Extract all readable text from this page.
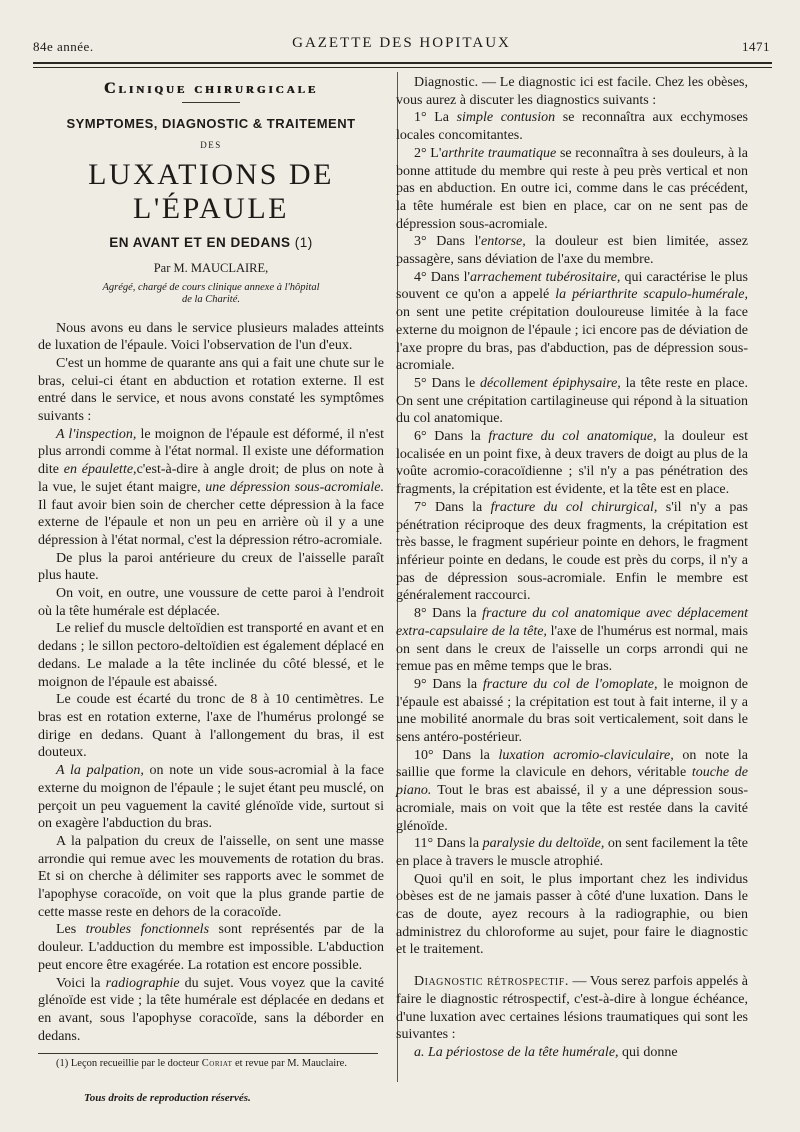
84e année.	GAZETTE DES HOPITAUX	1471
Clinique chirurgicale
SYMPTOMES, DIAGNOSTIC & TRAITEMENT
DES
LUXATIONS DE L'ÉPAULE
EN AVANT ET EN DEDANS (1)
Par M. MAUCLAIRE,
Agrégé, chargé de cours clinique annexe à l'hôpital
de la Charité.

Nous avons eu dans le service plusieurs malades atteints de luxation de l'épaule. Voici l'observation de l'un d'eux.

C'est un homme de quarante ans qui a fait une chute sur le bras, celui-ci étant en abduction et rotation externe. Il est entré dans le service, et nous avons constaté les symptômes suivants :

A l'inspection, le moignon de l'épaule est déformé, il n'est plus arrondi comme à l'état normal. Il existe une déformation dite en épaulette,c'est-à-dire à angle droit; de plus on note à la vue, le sujet étant maigre, une dépression sous-acromiale. Il faut avoir bien soin de chercher cette dépression à la face externe de l'épaule et non un peu en arrière où il y a une dépression à l'état normal, c'est la dépression rétro-acromiale.

De plus la paroi antérieure du creux de l'aisselle paraît plus haute.

On voit, en outre, une voussure de cette paroi à l'endroit où la tête humérale est déplacée.

Le relief du muscle deltoïdien est transporté en avant et en dedans ; le sillon pectoro-deltoïdien est également déplacé en dedans. Le malade a la tête inclinée du côté blessé, et le moignon de l'épaule est abaissé.

Le coude est écarté du tronc de 8 à 10 centimètres. Le bras est en rotation externe, l'axe de l'humérus prolongé se dirige en dedans. Quant à l'allongement du bras, il est douteux.

A la palpation, on note un vide sous-acromial à la face externe du moignon de l'épaule ; le sujet étant peu musclé, on perçoit un peu vaguement la cavité glénoïde vide, surtout si on exagère l'abduction du bras.

A la palpation du creux de l'aisselle, on sent une masse arrondie qui remue avec les mouvements de rotation du bras. Et si on cherche à délimiter ses rapports avec le sommet de l'apophyse coracoïde, on voit que la plus grande partie de cette masse reste en dehors de la coracoïde.

Les troubles fonctionnels sont représentés par de la douleur. L'adduction du membre est impossible. L'abduction peut encore être exagérée. La rotation est encore possible.

Voici la radiographie du sujet. Vous voyez que la cavité glénoïde est vide ; la tête humérale est déplacée en dedans et en avant, sous l'apophyse coracoïde, sans la déborder en dedans.

(1) Leçon recueillie par le docteur Coriat et revue par M. Mauclaire.

Diagnostic. — Le diagnostic ici est facile. Chez les obèses, vous aurez à discuter les diagnostics suivants :

1° La simple contusion se reconnaîtra aux ecchymoses locales concomitantes.

2° L'arthrite traumatique se reconnaîtra à ses douleurs, à la bonne attitude du membre qui reste à peu près vertical et non pas en abduction. En outre ici, comme dans le cas précédent, la tête humérale est bien en place, car on ne sent pas de dépression sous-acromiale.

3° Dans l'entorse, la douleur est bien limitée, assez passagère, sans déviation de l'axe du membre.

4° Dans l'arrachement tubérositaire, qui caractérise le plus souvent ce qu'on a appelé la périarthrite scapulo-humérale, on sent une petite crépitation douloureuse limitée à la face externe du moignon de l'épaule ; ici encore pas de déviation de l'axe propre du bras, pas d'abduction, pas de dépression sous-acromiale.

5° Dans le décollement épiphysaire, la tête reste en place. On sent une crépitation cartilagineuse qui répond à la situation du col anatomique.

6° Dans la fracture du col anatomique, la douleur est localisée en un point fixe, à deux travers de doigt au plus de la voûte acromio-coracoïdienne ; s'il n'y a pas pénétration des fragments, la crépitation est évidente, et la tête est en place.

7° Dans la fracture du col chirurgical, s'il n'y a pas pénétration réciproque des deux fragments, la crépitation est très basse, le fragment supérieur pointe en dehors, le fragment inférieur pointe en dedans, le coude est près du corps, il n'y a pas de dépression sous-acromiale. Enfin le membre est généralement raccourci.

8° Dans la fracture du col anatomique avec déplacement extra-capsulaire de la tête, l'axe de l'humérus est normal, mais on sent dans le creux de l'aisselle un corps arrondi qui ne remue pas en même temps que le bras.

9° Dans la fracture du col de l'omoplate, le moignon de l'épaule est abaissé ; la crépitation est tout à fait interne, il y a une mobilité anormale du bras soit verticalement, soit dans le sens antéro-postérieur.

10° Dans la luxation acromio-claviculaire, on note la saillie que forme la clavicule en dehors, véritable touche de piano. Tout le bras est abaissé, il y a une dépression sous-acromiale, mais on voit que la tête est restée dans la cavité glénoïde.

11° Dans la paralysie du deltoïde, on sent facilement la tête en place à travers le muscle atrophié.

Quoi qu'il en soit, le plus important chez les individus obèses est de ne jamais passer à côté d'une luxation. Dans le cas de doute, ayez recours à la radiographie, ou bien administrez du chloroforme au sujet, pour faire le diagnostic et le traitement.

Diagnostic rétrospectif. — Vous serez parfois appelés à faire le diagnostic rétrospectif, c'est-à-dire à longue échéance, d'une luxation avec certaines lésions traumatiques qui sont les suivantes :

a. La périostose de la tête humérale, qui donne

Tous droits de reproduction réservés.
